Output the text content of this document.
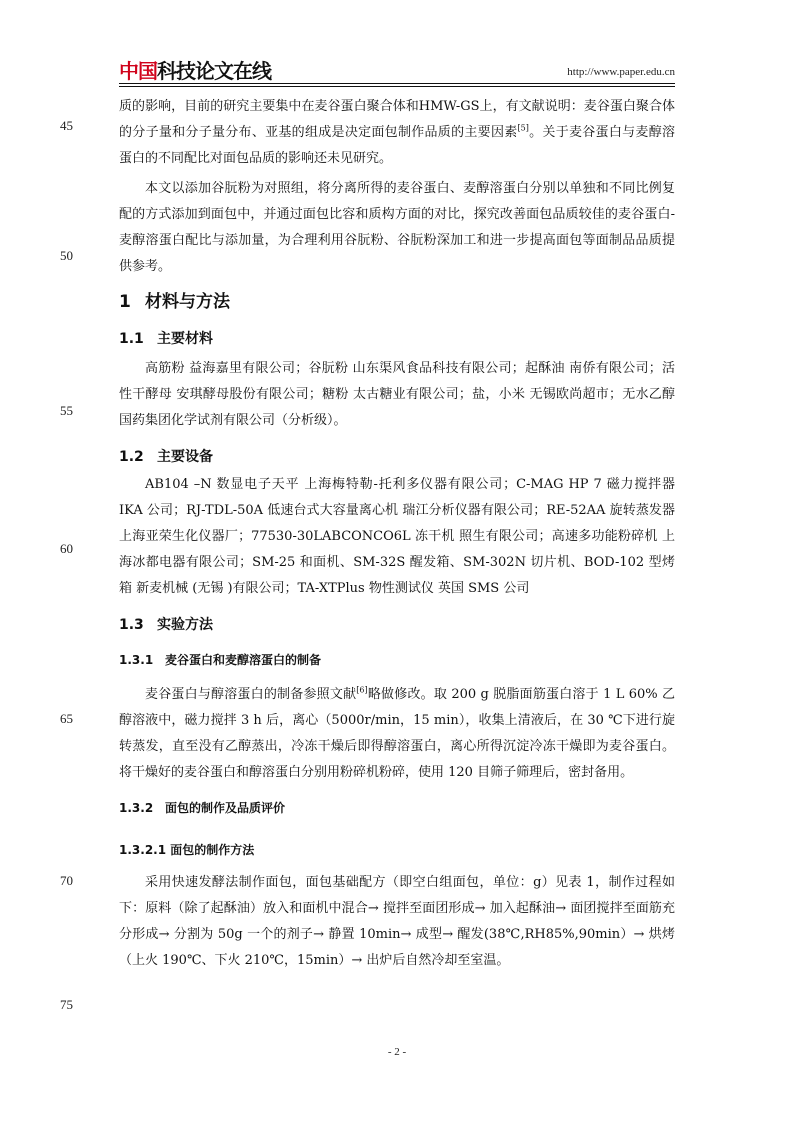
中国科技论文在线	http://www.paper.edu.cn
45
50
55
60
65
70
75

质的影响，目前的研究主要集中在麦谷蛋白聚合体和HMW-GS上，有文献说明：麦谷蛋白聚合体的分子量和分子量分布、亚基的组成是决定面包制作品质的主要因素[5]。关于麦谷蛋白与麦醇溶蛋白的不同配比对面包品质的影响还未见研究。

本文以添加谷朊粉为对照组，将分离所得的麦谷蛋白、麦醇溶蛋白分别以单独和不同比例复配的方式添加到面包中，并通过面包比容和质构方面的对比，探究改善面包品质较佳的麦谷蛋白-麦醇溶蛋白配比与添加量，为合理利用谷朊粉、谷朊粉深加工和进一步提高面包等面制品品质提供参考。

1 材料与方法
1.1 主要材料

高筋粉 益海嘉里有限公司；谷朊粉 山东渠风食品科技有限公司；起酥油 南侨有限公司；活性干酵母 安琪酵母股份有限公司；糖粉 太古糖业有限公司；盐，小米 无锡欧尚超市；无水乙醇 国药集团化学试剂有限公司（分析级）。

1.2 主要设备

AB104 –N 数显电子天平 上海梅特勒-托利多仪器有限公司；C-MAG HP 7 磁力搅拌器 IKA 公司；RJ-TDL-50A 低速台式大容量离心机 瑞江分析仪器有限公司；RE-52AA 旋转蒸发器 上海亚荣生化仪器厂；77530-30LABCONCO6L 冻干机 照生有限公司；高速多功能粉碎机 上海冰都电器有限公司；SM-25 和面机、SM-32S 醒发箱、SM-302N 切片机、BOD-102 型烤箱 新麦机械 (无锡 )有限公司；TA-XTPlus 物性测试仪 英国 SMS 公司

1.3 实验方法
1.3.1 麦谷蛋白和麦醇溶蛋白的制备

麦谷蛋白与醇溶蛋白的制备参照文献[6]略做修改。取 200 g 脱脂面筋蛋白溶于 1 L 60% 乙醇溶液中，磁力搅拌 3 h 后，离心（5000r/min，15 min），收集上清液后，在 30 ℃下进行旋转蒸发，直至没有乙醇蒸出，冷冻干燥后即得醇溶蛋白，离心所得沉淀冷冻干燥即为麦谷蛋白。将干燥好的麦谷蛋白和醇溶蛋白分别用粉碎机粉碎，使用 120 目筛子筛理后，密封备用。

1.3.2 面包的制作及品质评价
1.3.2.1 面包的制作方法

采用快速发酵法制作面包，面包基础配方（即空白组面包，单位：g）见表 1，制作过程如下：原料（除了起酥油）放入和面机中混合→ 搅拌至面团形成→ 加入起酥油→ 面团搅拌至面筋充分形成→ 分割为 50g 一个的剂子→ 静置 10min→ 成型→ 醒发(38℃,RH85%,90min）→ 烘烤（上火 190℃、下火 210℃，15min）→ 出炉后自然冷却至室温。

- 2 -
